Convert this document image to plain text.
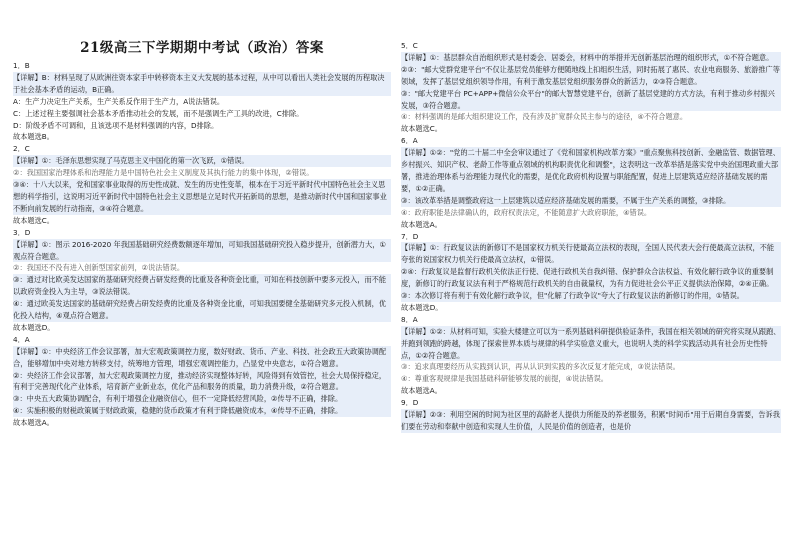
21级高三下学期期中考试（政治）答案

1．B

【详解】B：材料呈现了从欧洲往资本家手中转移资本主义大发展的基本过程，从中可以看出人类社会发展的历程取决于社会基本矛盾的运动，B正确。

A：生产力决定生产关系，生产关系反作用于生产力，A说法错误。

C：上述过程主要强调社会基本矛盾推动社会的发展，而不是强调生产工具的改进，C排除。

D：阶级矛盾不可调和，且该选项不是材料强调的内容，D排除。

故本题选B。

2．C

【详解】①：毛泽东思想实现了马克思主义中国化的第一次飞跃，①错误。

②：我国国家治理体系和治理能力是中国特色社会主义制度及其执行能力的集中体现，②错误。

③④：十八大以来，党和国家事业取得的历史性成就、发生的历史性变革，根本在于习近平新时代中国特色社会主义思想的科学指引，这说明习近平新时代中国特色社会主义思想是立足时代开拓新局的思想，是推动新时代中国和国家事业不断向前发展的行动指南，③④符合题意。

故本题选C。

3．D

【详解】①：图示 2016-2020 年我国基础研究经费数额逐年增加，可知我国基础研究投入稳步提升，创新潜力大，①观点符合题意。

②：我国还不没有进入创新型国家前列，②说法错误。

③：通过对比欧美发达国家的基础研究经费占研发经费的比重及各种资金比重，可知在科技创新中要多元投入，而不能以政府资金投入为主导，③说法错误。

④：通过欧美发达国家的基础研究经费占研发经费的比重及各种资金比重，可知我国要健全基础研究多元投入机制，优化投入结构，④观点符合题意。

故本题选D。

4．A

【详解】①：中央经济工作会议部署，加大宏观政策调控力度，数好财政、货币、产业、科技、社会政五大政策协调配合，能够增加中央对地方转移支付，统筹地方管理，增强宏观调控能力，凸显党中央意志，①符合题意。

②：央经济工作会议部署，加大宏观政策调控力度，推动经济实现整体好转，风险得到有效管控，社会大局保持稳定，有利于完善现代化产业体系，培育新产业新业态，优化产品和服务的质量，助力消费升级，②符合题意。

③：中央五大政策协调配合，有利于增强企业融资信心，但不一定降低经营风险，②传导不正确，排除。

④：实施积极的财税政策属于财政政策，稳健的货币政策才有利于降低融资成本，④传导不正确，排除。

故本题选A。

5．C

【详解】①：基层群众自治组织形式是村委会、居委会，材料中的举措并无创新基层治理的组织形式，①不符合题意。

②③："邮大党群党建平台"不仅让基层党员能够方便随地线上扣组织生活，同时拓展了惠民、农业电商服务、旅游推广等领域，发挥了基层党组织领导作用，有利于激发基层党组织服务群众的新活力，②③符合题意。

③："邮大党建平台 PC+APP+微信公众平台"的邮大智慧党建平台，创新了基层党建的方式方法，有利于推动乡村振兴发展，③符合题意。

④：材料强调的是邮大组织建设工作，没有涉及扩宽群众民主参与的途径，④不符合题意。

故本题选C。

6．A

【详解】①②："党的二十届二中全会审议通过了《党和国家机构改革方案》"重点聚焦科技创新、金融监管、数据管理、乡村振兴、知识产权、老龄工作等重点领域的机构职责优化和调整"，这表明这一改革举措是落实党中央治国理政重大部署，推进治理体系与治理能力现代化的需要，是优化政府机构设置与职能配置，促进上层建筑适应经济基础发展的需要，①②正确。

③：该改革举措是调整政府这一上层建筑以适应经济基础发展的需要，不属于生产关系的调整，③排除。

④：政府职能是法律确认的，政府权责法定，不能随意扩大政府职能，④错误。

故本题选A。

7．D

【详解】①：行政复议法的新修订不是国家权力机关行使最高立法权的表现，全国人民代表大会行使最高立法权，不能夸张的说国家权力机关行使最高立法权，①错误。

②④：行政复议是监督行政机关依法正行使、促进行政机关自我纠错、保护群众合法权益、有效化解行政争议的重要制度，新修订的行政复议法有利于严格规范行政机关的自由裁量权，为有力促进社会公平正义提供法治保障，②④正确。

③：本次修订将有利于有效化解行政争议，但"化解了行政争议"夸大了行政复议法的新修订的作用，①错误。

故本题选D。

8．A

【详解】①②：从材料可知，实验大楼建立可以为一系列基础科研提供验证条件，我国在相关领域的研究将实现从跟跑、并跑到领跑的跨越，体现了探索世界本质与规律的科学实验意义重大，也说明人类的科学实践活动具有社会历史性特点，①②符合题意。

③：追求真理要经历从实践到认识，再从认识到实践的多次反复才能完成，③说法错误。

④：尊重客观规律是我国基础科研能够发展的前提，④说法错误。

故本题选A。

9．D

【详解】②③：利用空闲的时间为社区里的高龄老人提供力所能及的养老服务，积累"时间币"用于后期自身需要，告诉我们要在劳动和奉献中创造和实现人生价值，人民是价值的创造者，也是价
